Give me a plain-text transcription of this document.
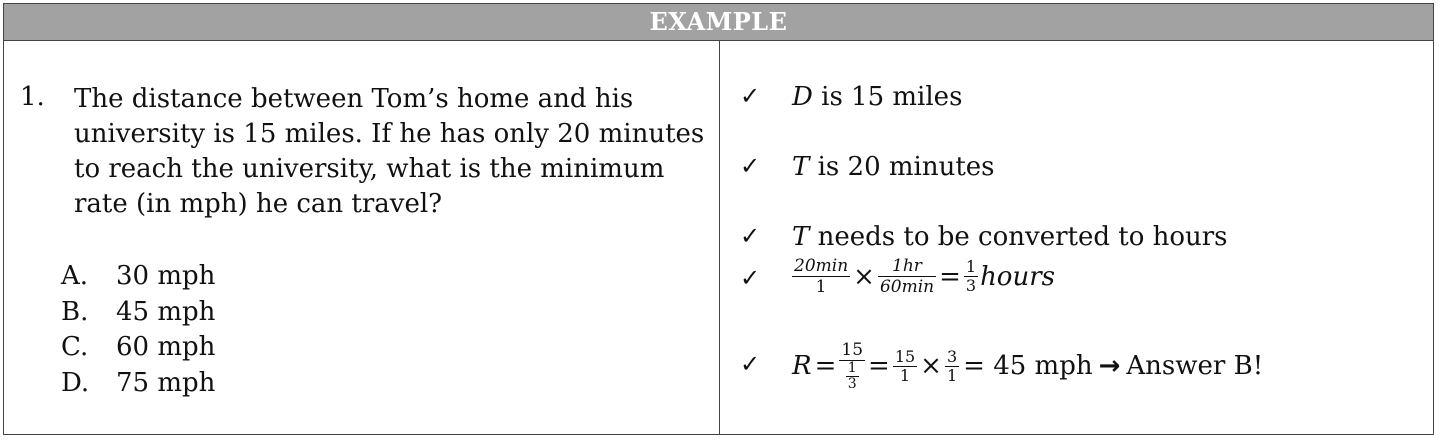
EXAMPLE
1. The distance between Tom’s home and his university is 15 miles. If he has only 20 minutes to reach the university, what is the minimum rate (in mph) he can travel?
A. 30 mph
B. 45 mph
C. 60 mph
D. 75 mph
✓ D is 15 miles
✓ T is 20 minutes
✓ T needs to be converted to hours
✓ $\frac{20\min}{1} \times \frac{1hr}{60\min} = \frac{1}{3}$ hours
✓ $R = \frac{15}{\frac{1}{3}} = \frac{15}{1} \times \frac{3}{1} = 45$ mph → Answer B!
